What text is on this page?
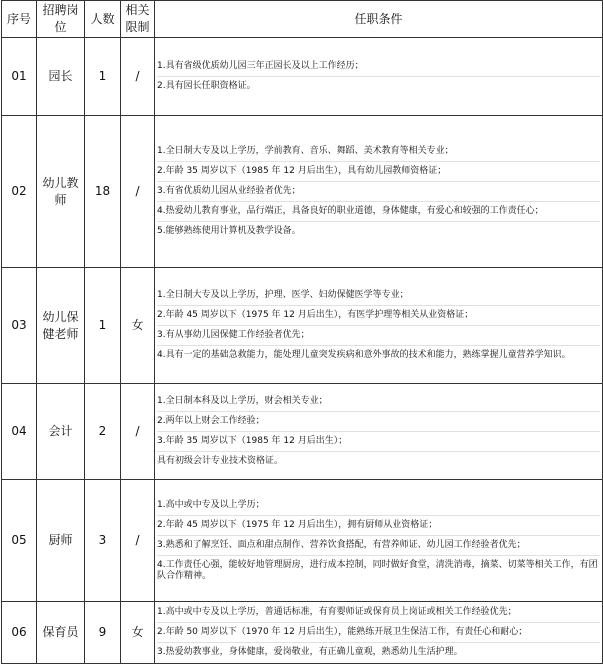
序号	招聘岗位	人数	相关限制	任职条件
01	园长	1	/	1.具有省级优质幼儿园三年正园长及以上工作经历；
2.具有园长任职资格证。

02	幼儿教师	18	/	1.全日制大专及以上学历，学前教育、音乐、舞蹈、美术教育等相关专业；
2.年龄 35 周岁以下（1985 年 12 月后出生），具有幼儿园教师资格证；
3.有省优质幼儿园从业经验者优先；
4.热爱幼儿教育事业，品行端正，具备良好的职业道德，身体健康，有爱心和较强的工作责任心；
5.能够熟练使用计算机及教学设备。

03	幼儿保健老师	1	女	1.全日制大专及以上学历，护理、医学、妇幼保健医学等专业；
2.年龄 45 周岁以下（1975 年 12 月后出生），有医学护理等相关从业资格证；
3.有从事幼儿园保健工作经验者优先；
4.具有一定的基础急救能力，能处理儿童突发疾病和意外事故的技术和能力，熟练掌握儿童营养学知识。

04	会计	2	/	1.全日制本科及以上学历，财会相关专业；
2.两年以上财会工作经验；
3.年龄 35 周岁以下（1985 年 12 月后出生）；
具有初级会计专业技术资格证。

05	厨师	3	/	1.高中或中专及以上学历；
2.年龄 45 周岁以下（1975 年 12 月后出生），拥有厨师从业资格证；
3.熟悉和了解烹饪、面点和甜点制作、营养饮食搭配，有营养师证、幼儿园工作经验者优先；
4.工作责任心强，能较好地管理厨房，进行成本控制，同时做好食堂，清洗消毒，摘菜、切菜等相关工作，有团队合作精神。

06	保育员	9	女	1.高中或中专及以上学历，普通话标准，有育婴师证或保育员上岗证或相关工作经验优先；
2.年龄 50 周岁以下（1970 年 12 月后出生），能熟练开展卫生保洁工作，有责任心和耐心；
3.热爱幼教事业，身体健康，爱岗敬业，有正确儿童观，熟悉幼儿生活护理。
